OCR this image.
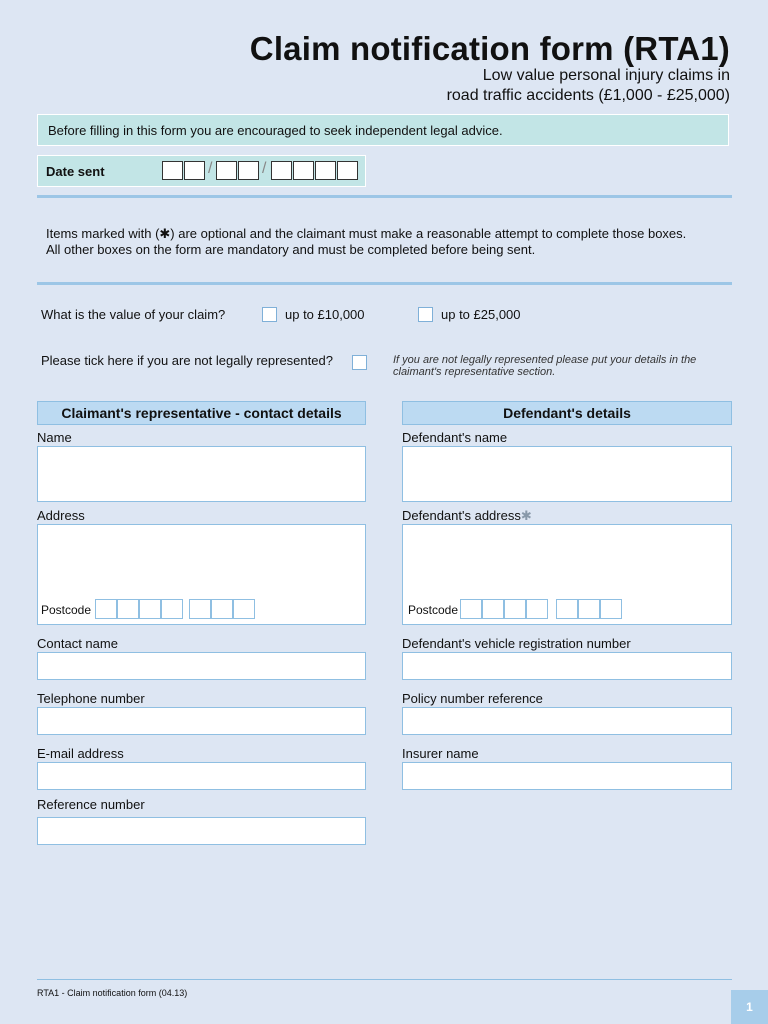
Claim notification form (RTA1)
Low value personal injury claims in
road traffic accidents (£1,000 - £25,000)
Before filling in this form you are encouraged to seek independent legal advice.
Date sent	/	/
Items marked with (✱) are optional and the claimant must make a reasonable attempt to complete those boxes.
All other boxes on the form are mandatory and must be completed before being sent.
What is the value of your claim?	up to £10,000	up to £25,000
Please tick here if you are not legally represented?	If you are not legally represented please put your details in the claimant's representative section.
Claimant's representative - contact details
Name
Address
Postcode
Contact name
Telephone number
E-mail address
Reference number
Defendant's details
Defendant's name
Defendant's address✱
Postcode
Defendant's vehicle registration number
Policy number reference
Insurer name
RTA1 - Claim notification form (04.13)
1
